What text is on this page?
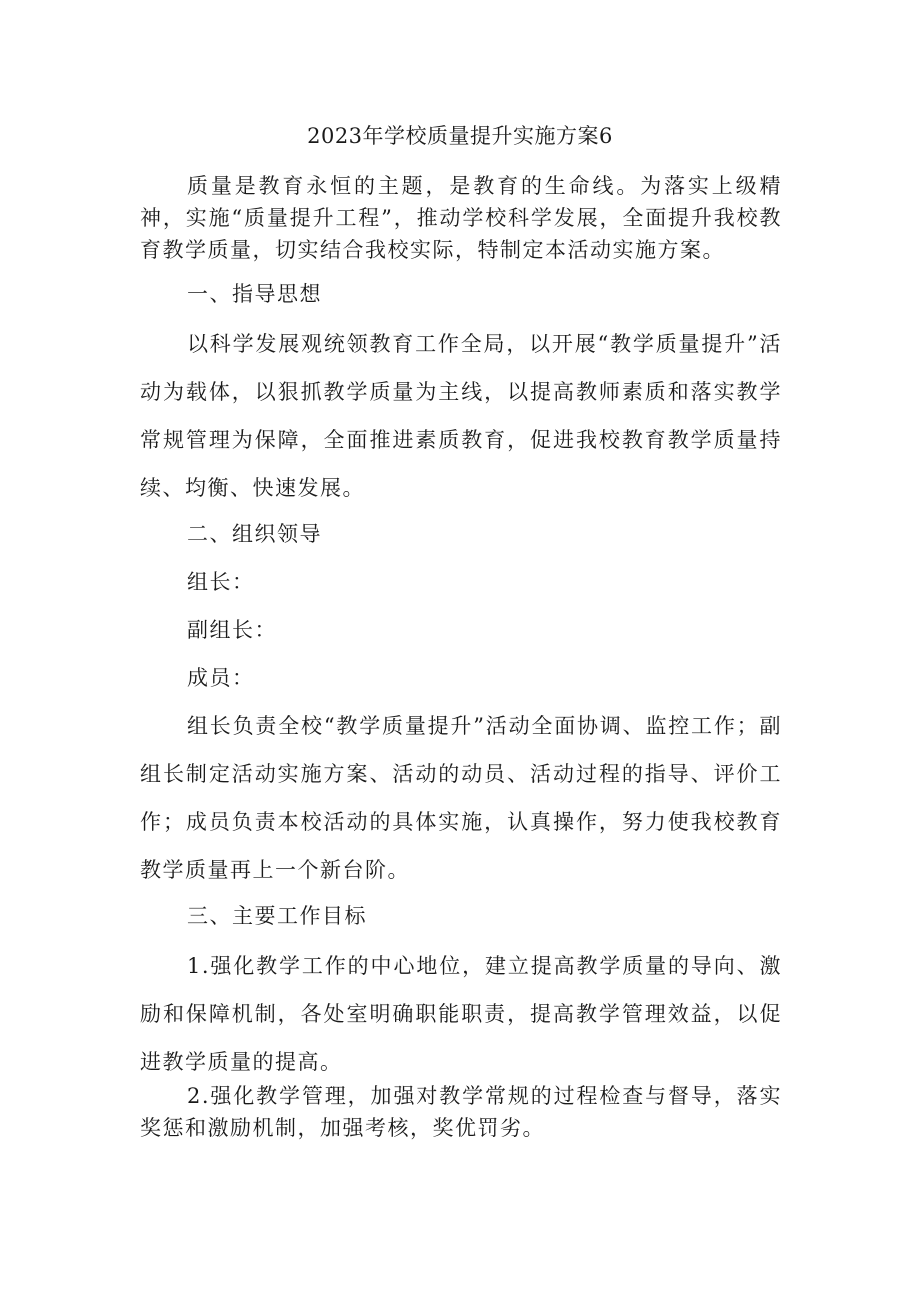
2023年学校质量提升实施方案6

质量是教育永恒的主题，是教育的生命线。为落实上级精神，实施“质量提升工程”，推动学校科学发展，全面提升我校教育教学质量，切实结合我校实际，特制定本活动实施方案。

一、指导思想

以科学发展观统领教育工作全局，以开展“教学质量提升”活动为载体，以狠抓教学质量为主线，以提高教师素质和落实教学常规管理为保障，全面推进素质教育，促进我校教育教学质量持续、均衡、快速发展。

二、组织领导

组长：

副组长：

成员：

组长负责全校“教学质量提升”活动全面协调、监控工作；副组长制定活动实施方案、活动的动员、活动过程的指导、评价工作；成员负责本校活动的具体实施，认真操作，努力使我校教育教学质量再上一个新台阶。

三、主要工作目标

1.强化教学工作的中心地位，建立提高教学质量的导向、激励和保障机制，各处室明确职能职责，提高教学管理效益，以促进教学质量的提高。

2.强化教学管理，加强对教学常规的过程检查与督导，落实奖惩和激励机制，加强考核，奖优罚劣。
